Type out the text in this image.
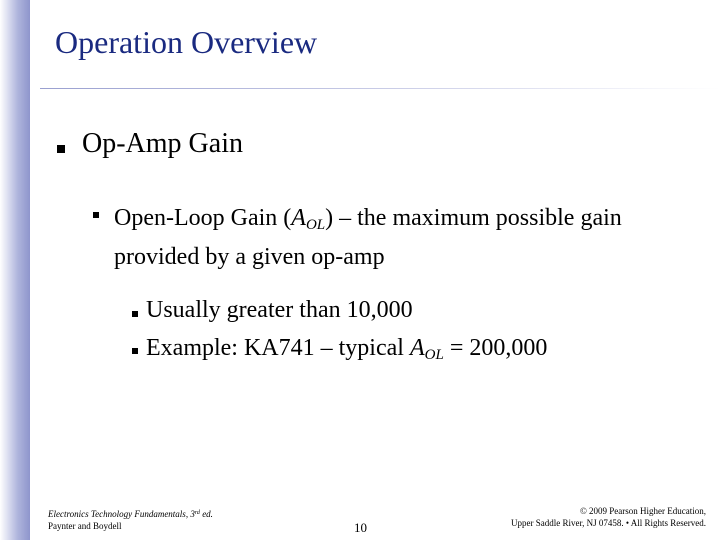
Operation Overview
Op-Amp Gain
Open-Loop Gain $(A_{OL})$ – the maximum possible gain provided by a given op-amp
Usually greater than 10,000
Example: KA741 – typical $A_{OL} = 200,000$
Electronics Technology Fundamentals, 3rd ed.
Paynter and Boydell	10
© 2009 Pearson Higher Education,
Upper Saddle River, NJ 07458. • All Rights Reserved.
